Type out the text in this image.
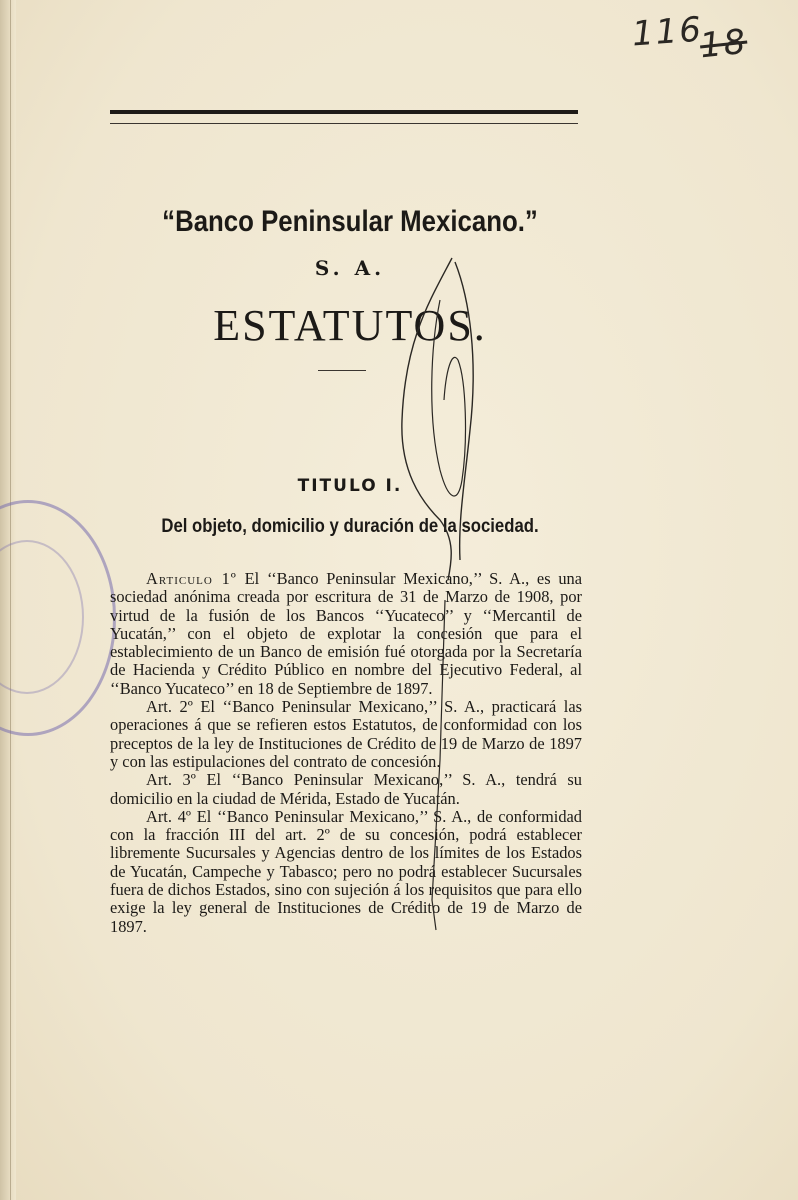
116
18
“Banco Peninsular Mexicano.”
S. A.
ESTATUTOS.
TITULO I.
Del objeto, domicilio y duración de la sociedad.

Articulo 1º El ‘‘Banco Peninsular Mexicano,’’ S. A., es una sociedad anónima creada por escritura de 31 de Marzo de 1908, por virtud de la fusión de los Bancos ‘‘Yucateco’’ y ‘‘Mercantil de Yucatán,’’ con el objeto de explotar la concesión que para el establecimiento de un Banco de emisión fué otorgada por la Secretaría de Hacienda y Crédito Público en nombre del Ejecutivo Federal, al ‘‘Banco Yucateco’’ en 18 de Septiembre de 1897.

Art. 2º El ‘‘Banco Peninsular Mexicano,’’ S. A., practicará las operaciones á que se refieren estos Estatutos, de conformidad con los preceptos de la ley de Instituciones de Crédito de 19 de Marzo de 1897 y con las estipulaciones del contrato de concesión.

Art. 3º El ‘‘Banco Peninsular Mexicano,’’ S. A., tendrá su domicilio en la ciudad de Mérida, Estado de Yucatán.

Art. 4º El ‘‘Banco Peninsular Mexicano,’’ S. A., de conformidad con la fracción III del art. 2º de su concesión, podrá establecer libremente Sucursales y Agencias dentro de los límites de los Estados de Yucatán, Campeche y Tabasco; pero no podrá establecer Sucursales fuera de dichos Estados, sino con sujeción á los requisitos que para ello exige la ley general de Instituciones de Crédito de 19 de Marzo de 1897.
